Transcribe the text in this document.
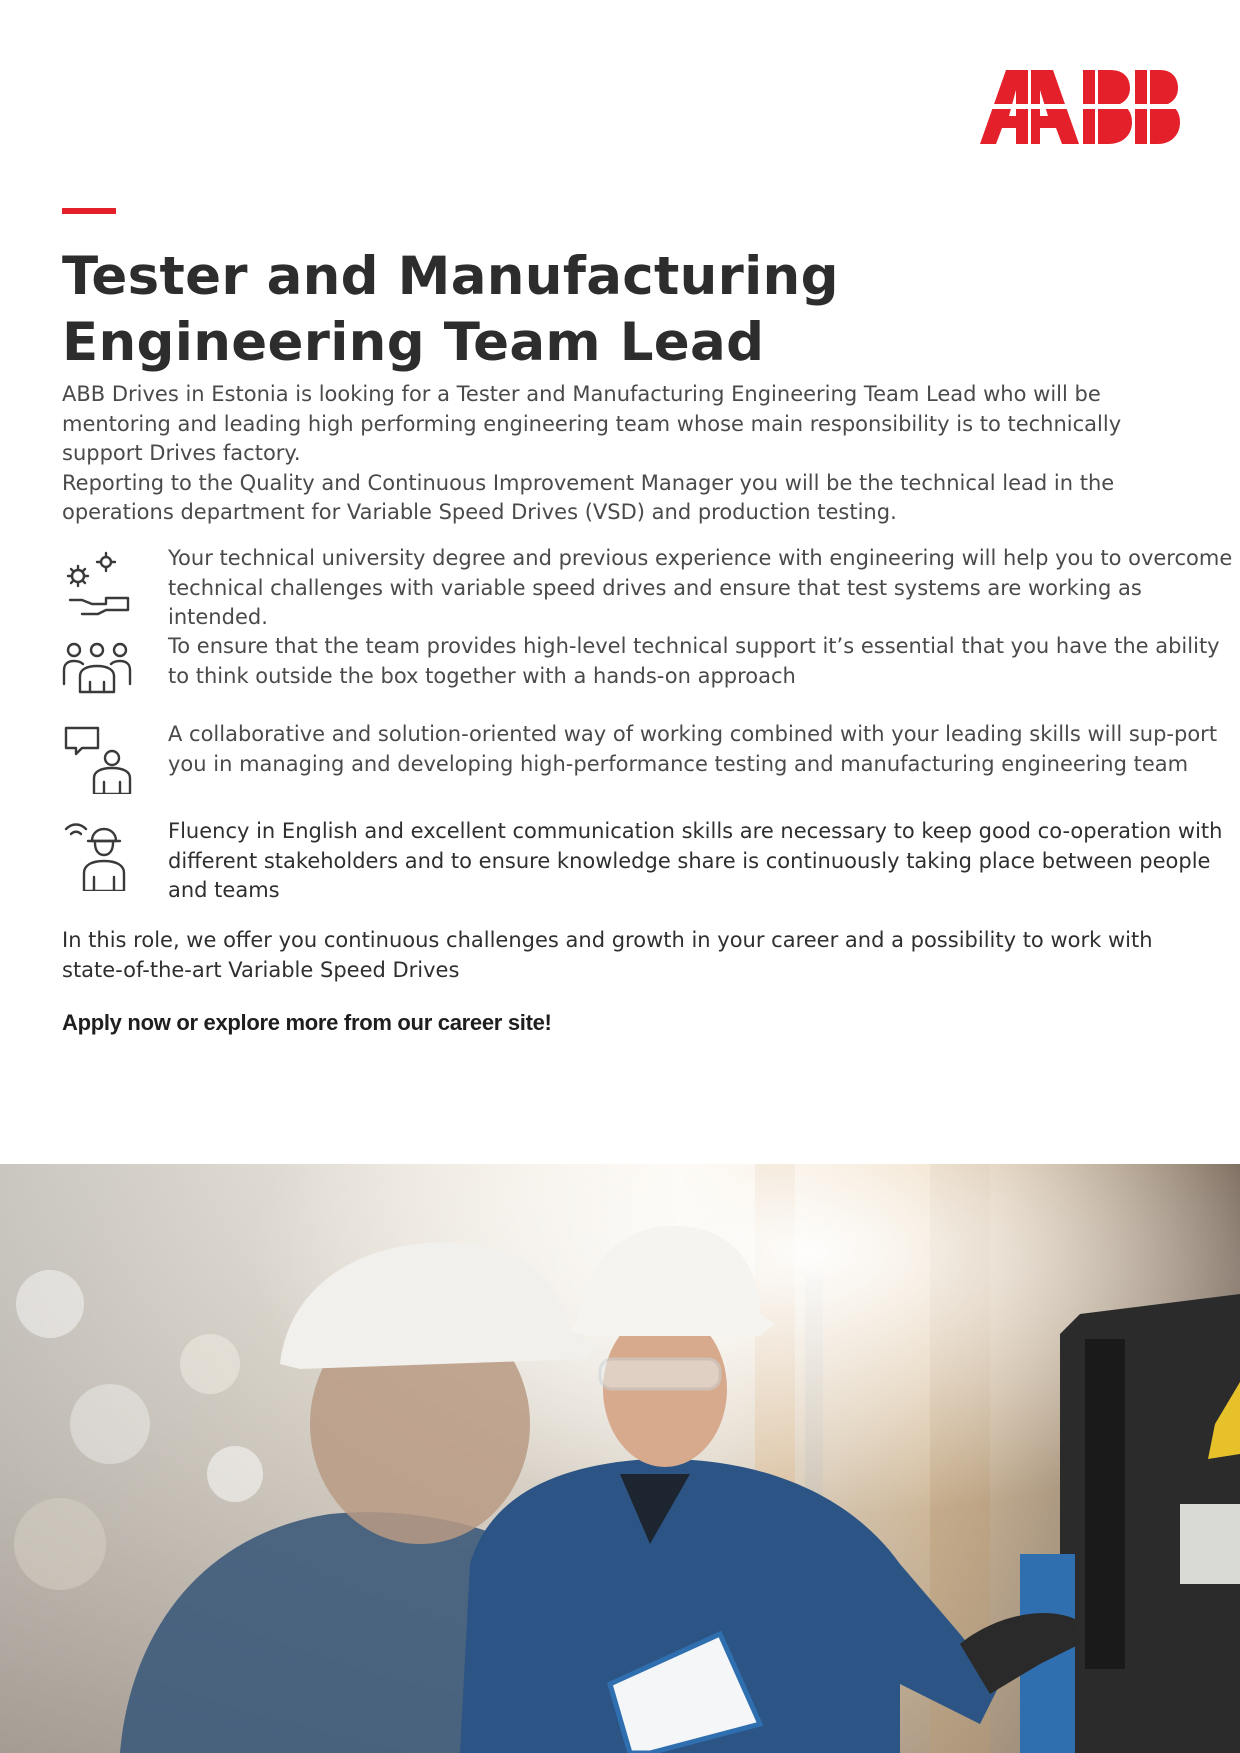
Tester and Manufacturing Engineering Team Lead

ABB Drives in Estonia is looking for a Tester and Manufacturing Engineering Team Lead who will be mentoring and leading high performing engineering team whose main responsibility is to technically support Drives factory.

Reporting to the Quality and Continuous Improvement Manager you will be the technical lead in the operations department for Variable Speed Drives (VSD) and production testing.

Your technical university degree and previous experience with engineering will help you to overcome technical challenges with variable speed drives and ensure that test systems are working as intended.

To ensure that the team provides high-level technical support it’s essential that you have the ability to think outside the box together with a hands-on approach

A collaborative and solution-oriented way of working combined with your leading skills will sup-port you in managing and developing high-performance testing and manufacturing engineering team

Fluency in English and excellent communication skills are necessary to keep good co-operation with different stakeholders and to ensure knowledge share is continuously taking place between people and teams

In this role, we offer you continuous challenges and growth in your career and a possibility to work with state-of-the-art Variable Speed Drives

Apply now or explore more from our career site!
